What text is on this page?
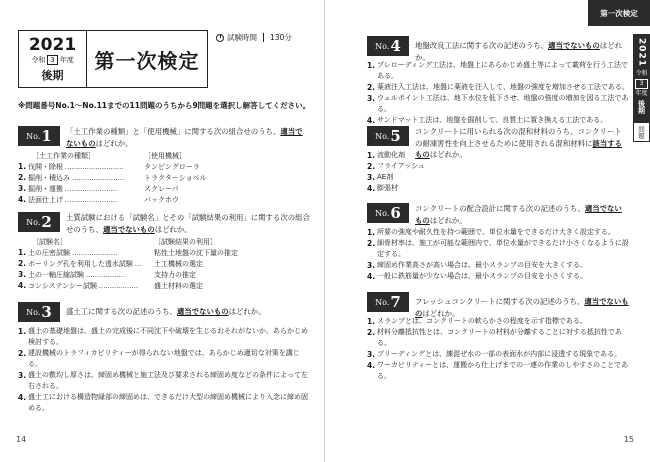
2021
令和 3 年度
後期
第一次検定
試験時間 130分
※問題番号No.1～No.11までの11問題のうちから9問題を選択し解答してください。
No. 1 「土工作業の種類」と「使用機械」に関する次の組合せのうち、適当でないものはどれか。
［土工作業の種類］	［使用機械］
1. 伐開・除根 ………………………	タンピングローラ
2. 掘削・積込み ……………………	トラクターショベル
3. 掘削・運搬 ……………………	スクレーパ
4. 法面仕上げ ……………………	バックホウ
No. 2 土質試験における「試験名」とその「試験結果の利用」に関する次の組合せのうち、適当でないものはどれか。
［試験名］	［試験結果の利用］
1. 土の圧密試験 …………………	粘性土地盤の沈下量の推定
2. ボーリング孔を利用した透水試験 … 土工機械の選定
3. 土の一軸圧縮試験 ………………	支持力の推定
4. コンシステンシー試験 ……………… 盛土材料の選定
No. 3 盛土工に関する次の記述のうち、適当でないものはどれか。
1. 盛土の基礎地盤は、盛土の完成後に不同沈下や破壊を生じるおそれがないか、あらかじめ検討する。
2. 建設機械のトラフィカビリティーが得られない地盤では、あらかじめ適切な対策を講じる。
3. 盛土の敷均し厚さは、締固め機械と施工法及び要求される締固め度などの条件によって左右される。
4. 盛土工における構造物縁部の締固めは、できるだけ大型の締固め機械により入念に締め固める。
14
第一次検定
2021
令和
3
年度
後期
問題
No. 4 地盤改良工法に関する次の記述のうち、適当でないものはどれか。
1. プレローディング工法は、地盤上にあらかじめ盛土等によって載荷を行う工法である。
2. 薬液注入工法は、地盤に薬液を注入して、地盤の強度を増加させる工法である。
3. ウェルポイント工法は、地下水位を低下させ、地盤の強度の増加を図る工法である。
4. サンドマット工法は、地盤を掘削して、良質土に置き換える工法である。
No. 5 コンクリートに用いられる次の混和材料のうち、コンクリートの耐凍害性を向上させるために使用される混和材料に該当するものはどれか。
1. 流動化剤
2. フライアッシュ
3. AE剤
4. 膨張材
No. 6 コンクリートの配合設計に関する次の記述のうち、適当でないものはどれか。
1. 所要の強度や耐久性を持つ範囲で、単位水量をできるだけ大きく設定する。
2. 細骨材率は、施工が可能な範囲内で、単位水量ができるだけ小さくなるように設定する。
3. 締固め作業高さが高い場合は、最小スランプの目安を大きくする。
4. 一般に鉄筋量が少ない場合は、最小スランプの目安を小さくする。
No. 7 フレッシュコンクリートに関する次の記述のうち、適当でないものはどれか。
1. スランプとは、コンクリートの軟らかさの程度を示す指標である。
2. 材料分離抵抗性とは、コンクリートの材料が分離することに対する抵抗性である。
3. ブリーディングとは、練混ぜ水の一部の表面水が内部に浸透する現象である。
4. ワーカビリティーとは、運搬から仕上げまでの一連の作業のしやすさのことである。
15
